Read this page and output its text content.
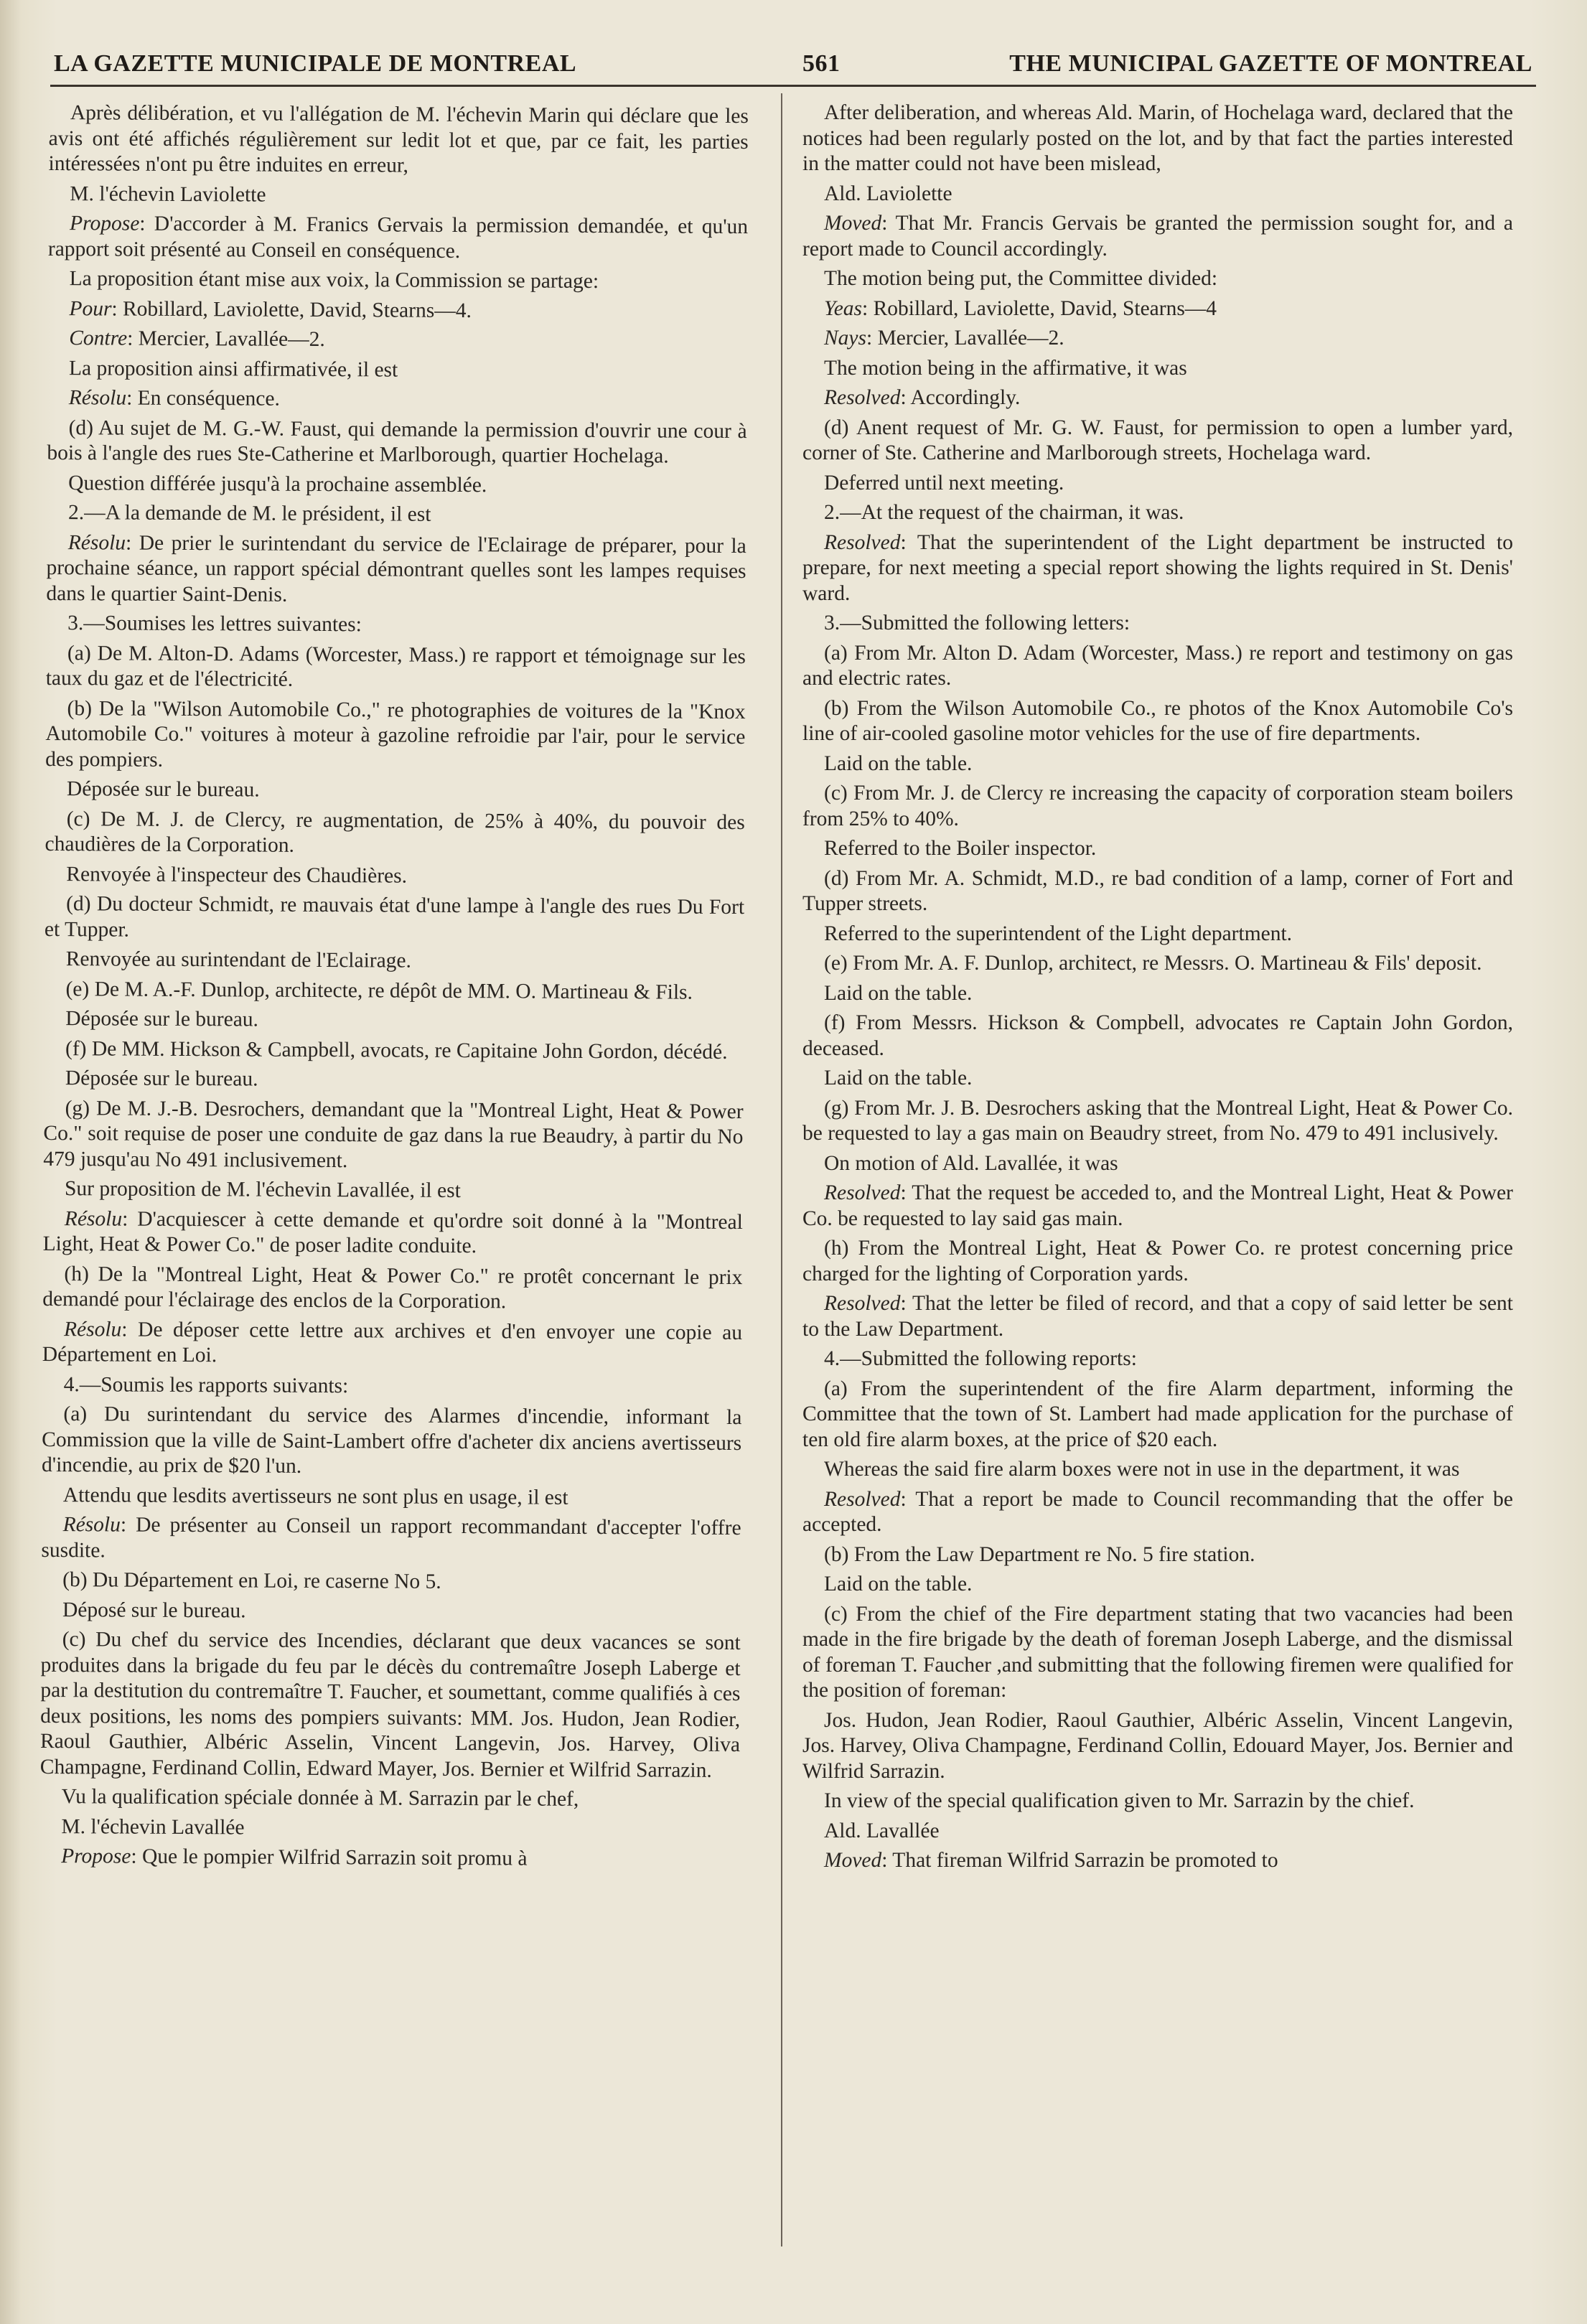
LA GAZETTE MUNICIPALE DE MONTREAL	561	THE MUNICIPAL GAZETTE OF MONTREAL

Après délibération, et vu l'allégation de M. l'échevin Marin qui déclare que les avis ont été affichés régulièrement sur ledit lot et que, par ce fait, les parties intéressées n'ont pu être induites en erreur,

M. l'échevin Laviolette

Propose: D'accorder à M. Franics Gervais la permission demandée, et qu'un rapport soit présenté au Conseil en conséquence.

La proposition étant mise aux voix, la Commission se partage:

Pour: Robillard, Laviolette, David, Stearns—4.

Contre: Mercier, Lavallée—2.

La proposition ainsi affirmativée, il est

Résolu: En conséquence.

(d) Au sujet de M. G.-W. Faust, qui demande la permission d'ouvrir une cour à bois à l'angle des rues Ste-Catherine et Marlborough, quartier Hochelaga.

Question différée jusqu'à la prochaine assemblée.

2.—A la demande de M. le président, il est

Résolu: De prier le surintendant du service de l'Eclairage de préparer, pour la prochaine séance, un rapport spécial démontrant quelles sont les lampes requises dans le quartier Saint-Denis.

3.—Soumises les lettres suivantes:

(a) De M. Alton-D. Adams (Worcester, Mass.) re rapport et témoignage sur les taux du gaz et de l'électricité.

(b) De la "Wilson Automobile Co.," re photographies de voitures de la "Knox Automobile Co." voitures à moteur à gazoline refroidie par l'air, pour le service des pompiers.

Déposée sur le bureau.

(c) De M. J. de Clercy, re augmentation, de 25% à 40%, du pouvoir des chaudières de la Corporation.

Renvoyée à l'inspecteur des Chaudières.

(d) Du docteur Schmidt, re mauvais état d'une lampe à l'angle des rues Du Fort et Tupper.

Renvoyée au surintendant de l'Eclairage.

(e) De M. A.-F. Dunlop, architecte, re dépôt de MM. O. Martineau & Fils.

Déposée sur le bureau.

(f) De MM. Hickson & Campbell, avocats, re Capitaine John Gordon, décédé.

Déposée sur le bureau.

(g) De M. J.-B. Desrochers, demandant que la "Montreal Light, Heat & Power Co." soit requise de poser une conduite de gaz dans la rue Beaudry, à partir du No 479 jusqu'au No 491 inclusivement.

Sur proposition de M. l'échevin Lavallée, il est

Résolu: D'acquiescer à cette demande et qu'ordre soit donné à la "Montreal Light, Heat & Power Co." de poser ladite conduite.

(h) De la "Montreal Light, Heat & Power Co." re protêt concernant le prix demandé pour l'éclairage des enclos de la Corporation.

Résolu: De déposer cette lettre aux archives et d'en envoyer une copie au Département en Loi.

4.—Soumis les rapports suivants:

(a) Du surintendant du service des Alarmes d'incendie, informant la Commission que la ville de Saint-Lambert offre d'acheter dix anciens avertisseurs d'incendie, au prix de $20 l'un.

Attendu que lesdits avertisseurs ne sont plus en usage, il est

Résolu: De présenter au Conseil un rapport recommandant d'accepter l'offre susdite.

(b) Du Département en Loi, re caserne No 5.

Déposé sur le bureau.

(c) Du chef du service des Incendies, déclarant que deux vacances se sont produites dans la brigade du feu par le décès du contremaître Joseph Laberge et par la destitution du contremaître T. Faucher, et soumettant, comme qualifiés à ces deux positions, les noms des pompiers suivants: MM. Jos. Hudon, Jean Rodier, Raoul Gauthier, Albéric Asselin, Vincent Langevin, Jos. Harvey, Oliva Champagne, Ferdinand Collin, Edward Mayer, Jos. Bernier et Wilfrid Sarrazin.

Vu la qualification spéciale donnée à M. Sarrazin par le chef,

M. l'échevin Lavallée

Propose: Que le pompier Wilfrid Sarrazin soit promu à

After deliberation, and whereas Ald. Marin, of Hochelaga ward, declared that the notices had been regularly posted on the lot, and by that fact the parties interested in the matter could not have been mislead,

Ald. Laviolette

Moved: That Mr. Francis Gervais be granted the permission sought for, and a report made to Council accordingly.

The motion being put, the Committee divided:

Yeas: Robillard, Laviolette, David, Stearns—4

Nays: Mercier, Lavallée—2.

The motion being in the affirmative, it was

Resolved: Accordingly.

(d) Anent request of Mr. G. W. Faust, for permission to open a lumber yard, corner of Ste. Catherine and Marlborough streets, Hochelaga ward.

Deferred until next meeting.

2.—At the request of the chairman, it was.

Resolved: That the superintendent of the Light department be instructed to prepare, for next meeting a special report showing the lights required in St. Denis' ward.

3.—Submitted the following letters:

(a) From Mr. Alton D. Adam (Worcester, Mass.) re report and testimony on gas and electric rates.

(b) From the Wilson Automobile Co., re photos of the Knox Automobile Co's line of air-cooled gasoline motor vehicles for the use of fire departments.

Laid on the table.

(c) From Mr. J. de Clercy re increasing the capacity of corporation steam boilers from 25% to 40%.

Referred to the Boiler inspector.

(d) From Mr. A. Schmidt, M.D., re bad condition of a lamp, corner of Fort and Tupper streets.

Referred to the superintendent of the Light department.

(e) From Mr. A. F. Dunlop, architect, re Messrs. O. Martineau & Fils' deposit.

Laid on the table.

(f) From Messrs. Hickson & Compbell, advocates re Captain John Gordon, deceased.

Laid on the table.

(g) From Mr. J. B. Desrochers asking that the Montreal Light, Heat & Power Co. be requested to lay a gas main on Beaudry street, from No. 479 to 491 inclusively.

On motion of Ald. Lavallée, it was

Resolved: That the request be acceded to, and the Montreal Light, Heat & Power Co. be requested to lay said gas main.

(h) From the Montreal Light, Heat & Power Co. re protest concerning price charged for the lighting of Corporation yards.

Resolved: That the letter be filed of record, and that a copy of said letter be sent to the Law Department.

4.—Submitted the following reports:

(a) From the superintendent of the fire Alarm department, informing the Committee that the town of St. Lambert had made application for the purchase of ten old fire alarm boxes, at the price of $20 each.

Whereas the said fire alarm boxes were not in use in the department, it was

Resolved: That a report be made to Council recommanding that the offer be accepted.

(b) From the Law Department re No. 5 fire station.

Laid on the table.

(c) From the chief of the Fire department stating that two vacancies had been made in the fire brigade by the death of foreman Joseph Laberge, and the dismissal of foreman T. Faucher ,and submitting that the following firemen were qualified for the position of foreman:

Jos. Hudon, Jean Rodier, Raoul Gauthier, Albéric Asselin, Vincent Langevin, Jos. Harvey, Oliva Champagne, Ferdinand Collin, Edouard Mayer, Jos. Bernier and Wilfrid Sarrazin.

In view of the special qualification given to Mr. Sarrazin by the chief.

Ald. Lavallée

Moved: That fireman Wilfrid Sarrazin be promoted to
